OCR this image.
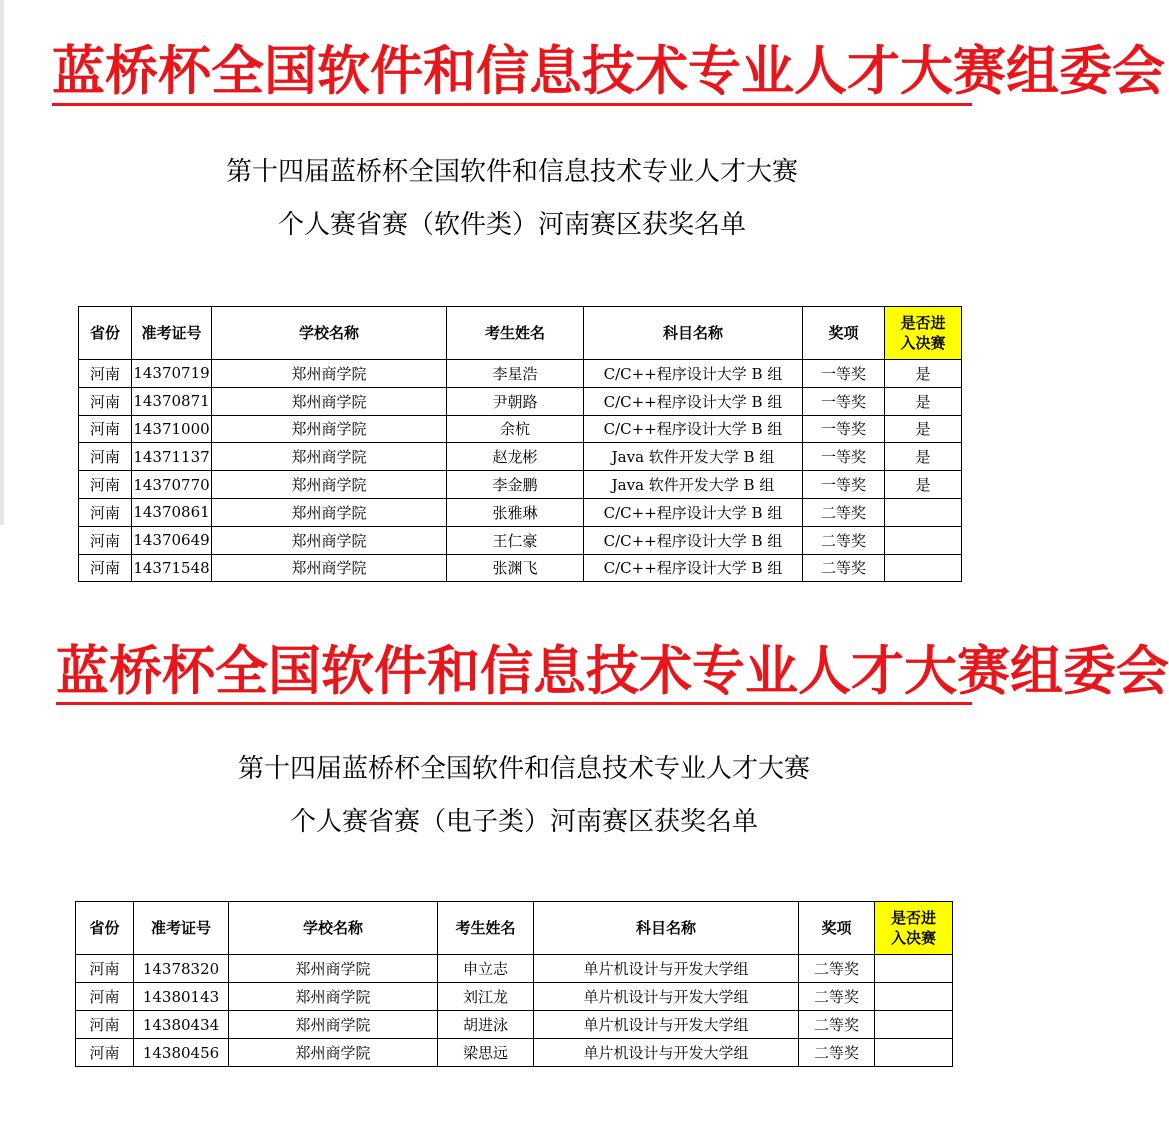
蓝桥杯全国软件和信息技术专业人才大赛组委会
第十四届蓝桥杯全国软件和信息技术专业人才大赛
个人赛省赛（软件类）河南赛区获奖名单
省份	准考证号	学校名称	考生姓名	科目名称	奖项	是否进
入决赛

河南	14370719	郑州商学院	李星浩	C/C++程序设计大学 B 组	一等奖	是
河南	14370871	郑州商学院	尹朝路	C/C++程序设计大学 B 组	一等奖	是
河南	14371000	郑州商学院	余杭	C/C++程序设计大学 B 组	一等奖	是
河南	14371137	郑州商学院	赵龙彬	Java 软件开发大学 B 组	一等奖	是
河南	14370770	郑州商学院	李金鹏	Java 软件开发大学 B 组	一等奖	是
河南	14370861	郑州商学院	张雅琳	C/C++程序设计大学 B 组	二等奖	
河南	14370649	郑州商学院	王仁豪	C/C++程序设计大学 B 组	二等奖	
河南	14371548	郑州商学院	张渊飞	C/C++程序设计大学 B 组	二等奖	
蓝桥杯全国软件和信息技术专业人才大赛组委会
第十四届蓝桥杯全国软件和信息技术专业人才大赛
个人赛省赛（电子类）河南赛区获奖名单
省份	准考证号	学校名称	考生姓名	科目名称	奖项	是否进
入决赛

河南	14378320	郑州商学院	申立志	单片机设计与开发大学组	二等奖	
河南	14380143	郑州商学院	刘江龙	单片机设计与开发大学组	二等奖	
河南	14380434	郑州商学院	胡进泳	单片机设计与开发大学组	二等奖	
河南	14380456	郑州商学院	梁思远	单片机设计与开发大学组	二等奖	
